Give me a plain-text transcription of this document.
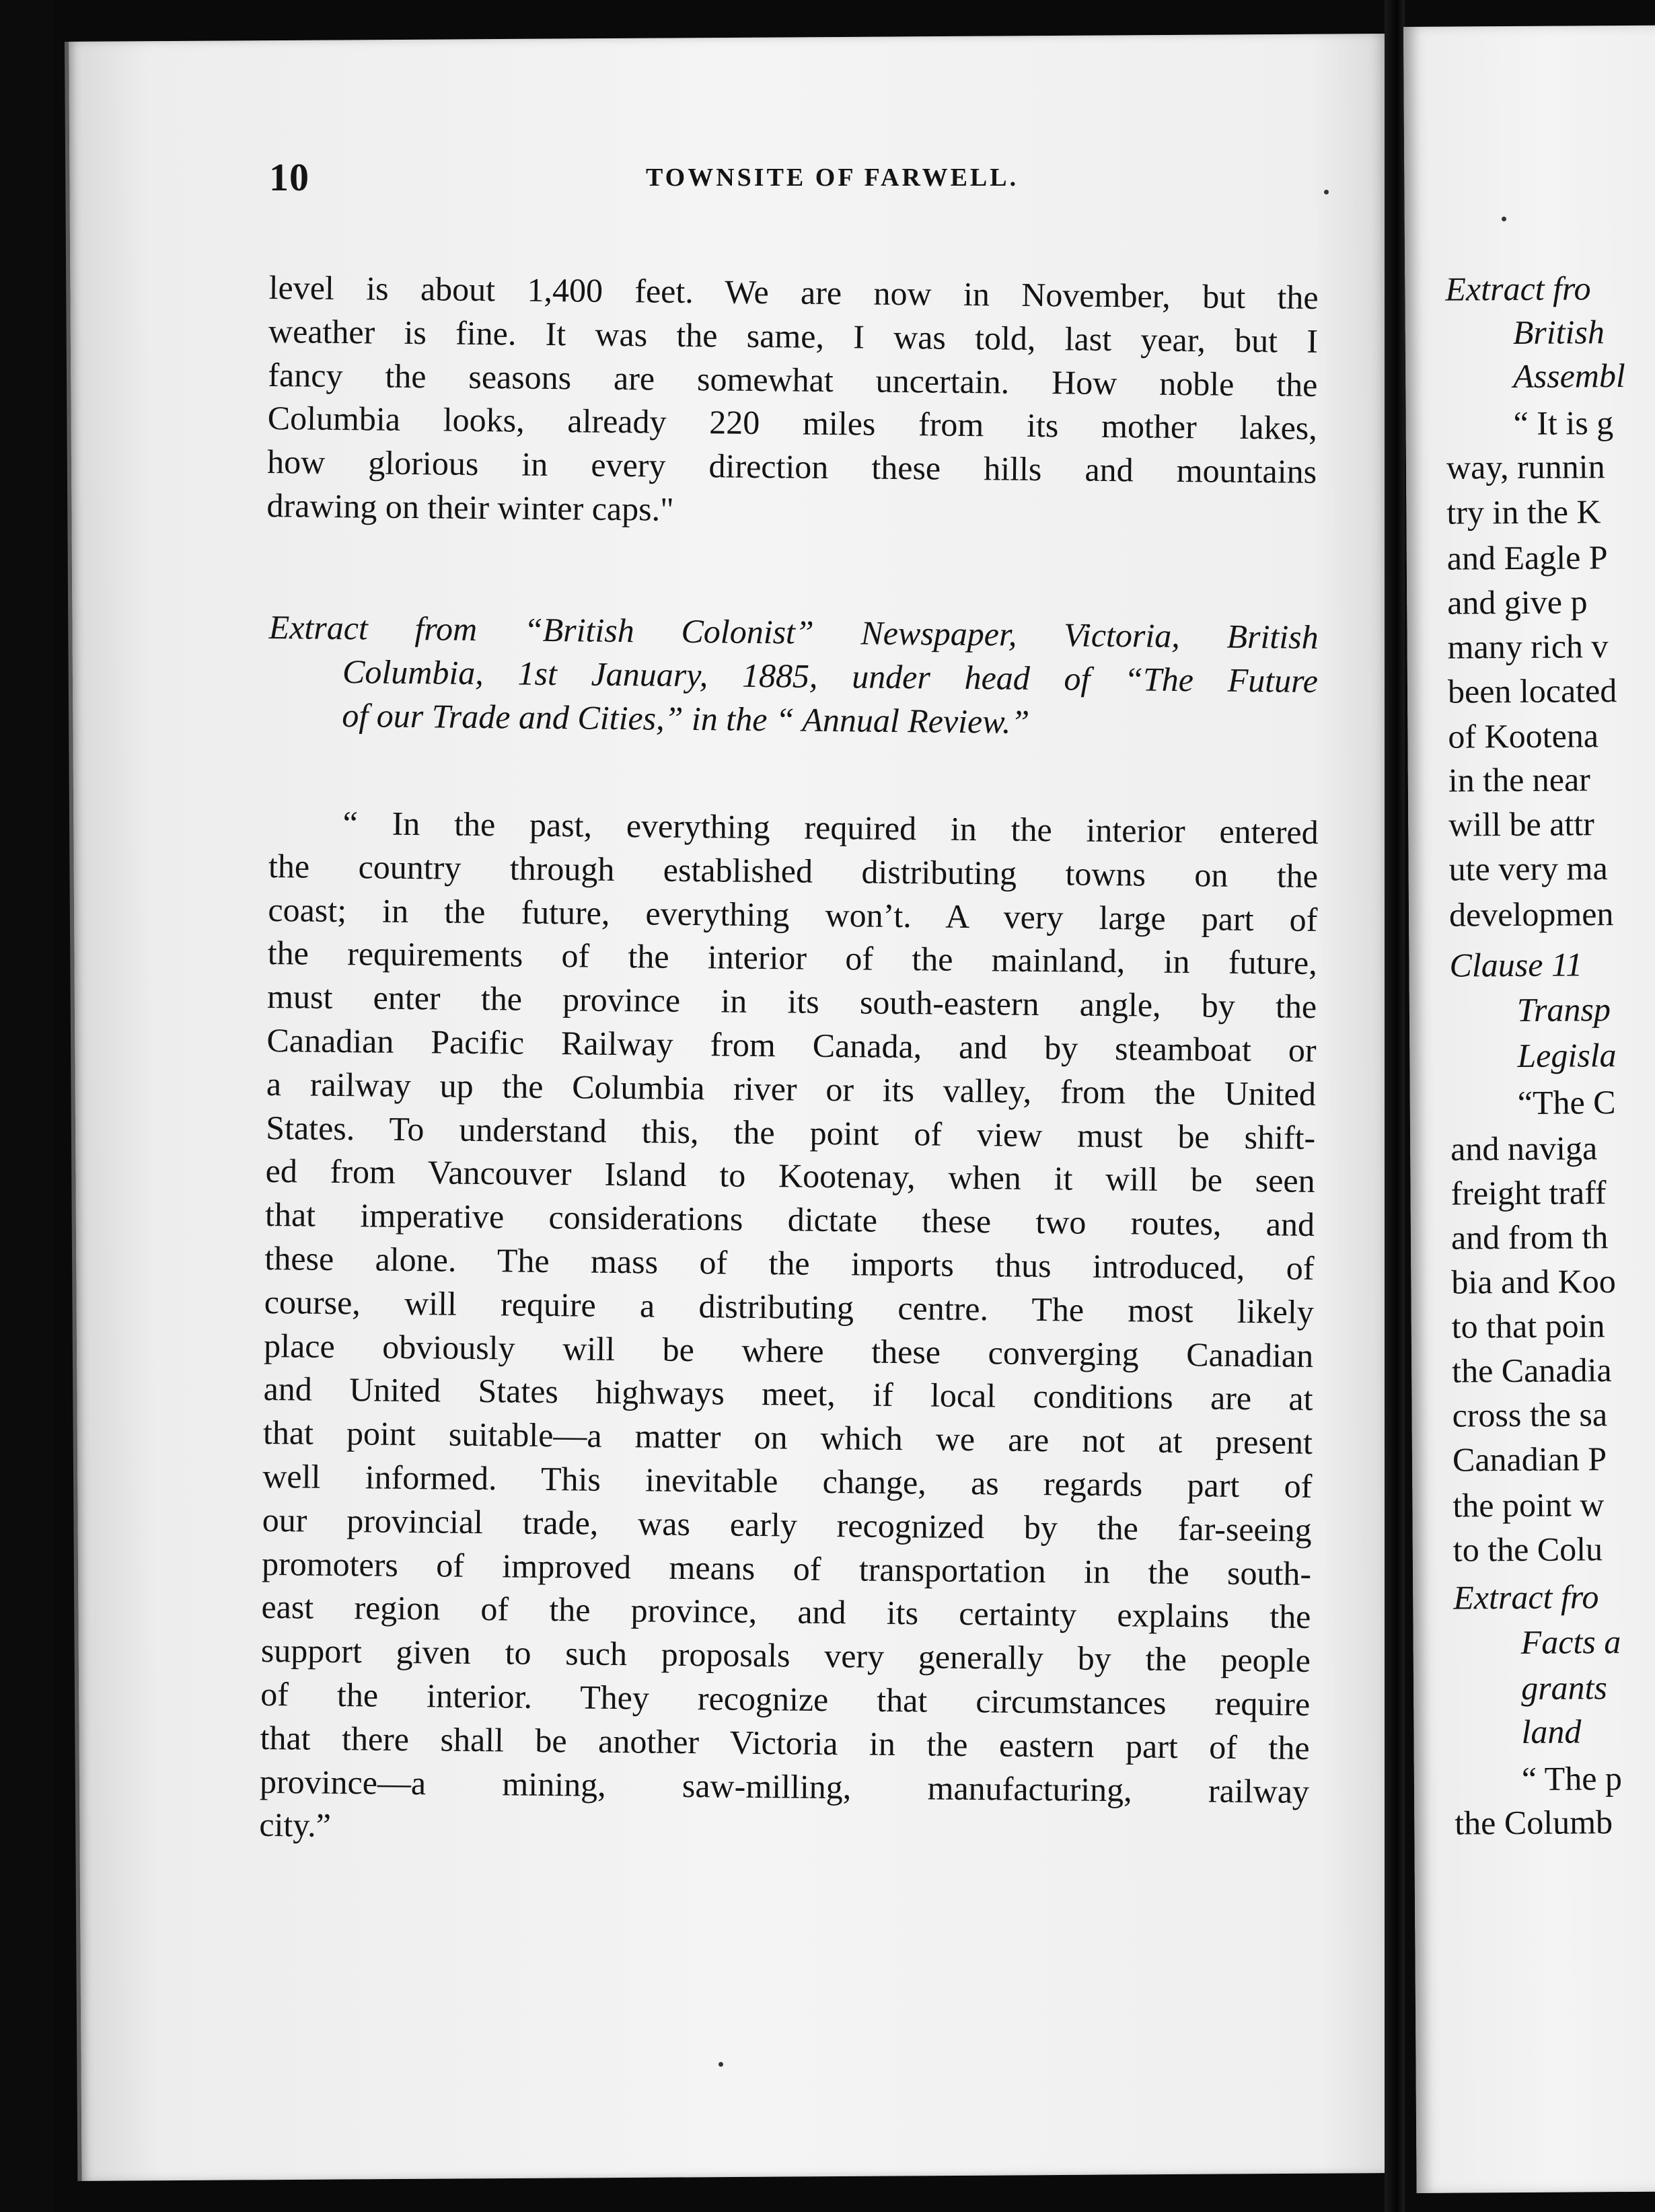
Extract fro
British
Assembl
“ It is g
way, runnin
try in the K
and Eagle P
and give p
many rich v
been located
of Kootena
in the near
will be attr
ute very ma
developmen
Clause 11
Transp
Legisla
“The C
and naviga
freight traff
and from th
bia and Koo
to that poin
the Canadia
cross the sa
Canadian P
the point w
to the Colu
Extract fro
Facts a
grants
land
“ The p
the Columb
10	TOWNSITE OF FARWELL.
level is about 1,400 feet. We are now in November, but the
weather is fine. It was the same, I was told, last year, but I
fancy the seasons are somewhat uncertain. How noble the
Columbia looks, already 220 miles from its mother lakes,
how glorious in every direction these hills and mountains
drawing on their winter caps."
Extract from “British Colonist” Newspaper, Victoria, British
Columbia, 1st January, 1885, under head of “The Future
of our Trade and Cities,” in the “ Annual Review.”
“ In the past, everything required in the interior entered
the country through established distributing towns on the
coast; in the future, everything won’t. A very large part of
the requirements of the interior of the mainland, in future,
must enter the province in its south-eastern angle, by the
Canadian Pacific Railway from Canada, and by steamboat or
a railway up the Columbia river or its valley, from the United
States. To understand this, the point of view must be shift-
ed from Vancouver Island to Kootenay, when it will be seen
that imperative considerations dictate these two routes, and
these alone. The mass of the imports thus introduced, of
course, will require a distributing centre. The most likely
place obviously will be where these converging Canadian
and United States highways meet, if local conditions are at
that point suitable—a matter on which we are not at present
well informed. This inevitable change, as regards part of
our provincial trade, was early recognized by the far-seeing
promoters of improved means of transportation in the south-
east region of the province, and its certainty explains the
support given to such proposals very generally by the people
of the interior. They recognize that circumstances require
that there shall be another Victoria in the eastern part of the
province—a mining, saw-milling, manufacturing, railway
city.”
